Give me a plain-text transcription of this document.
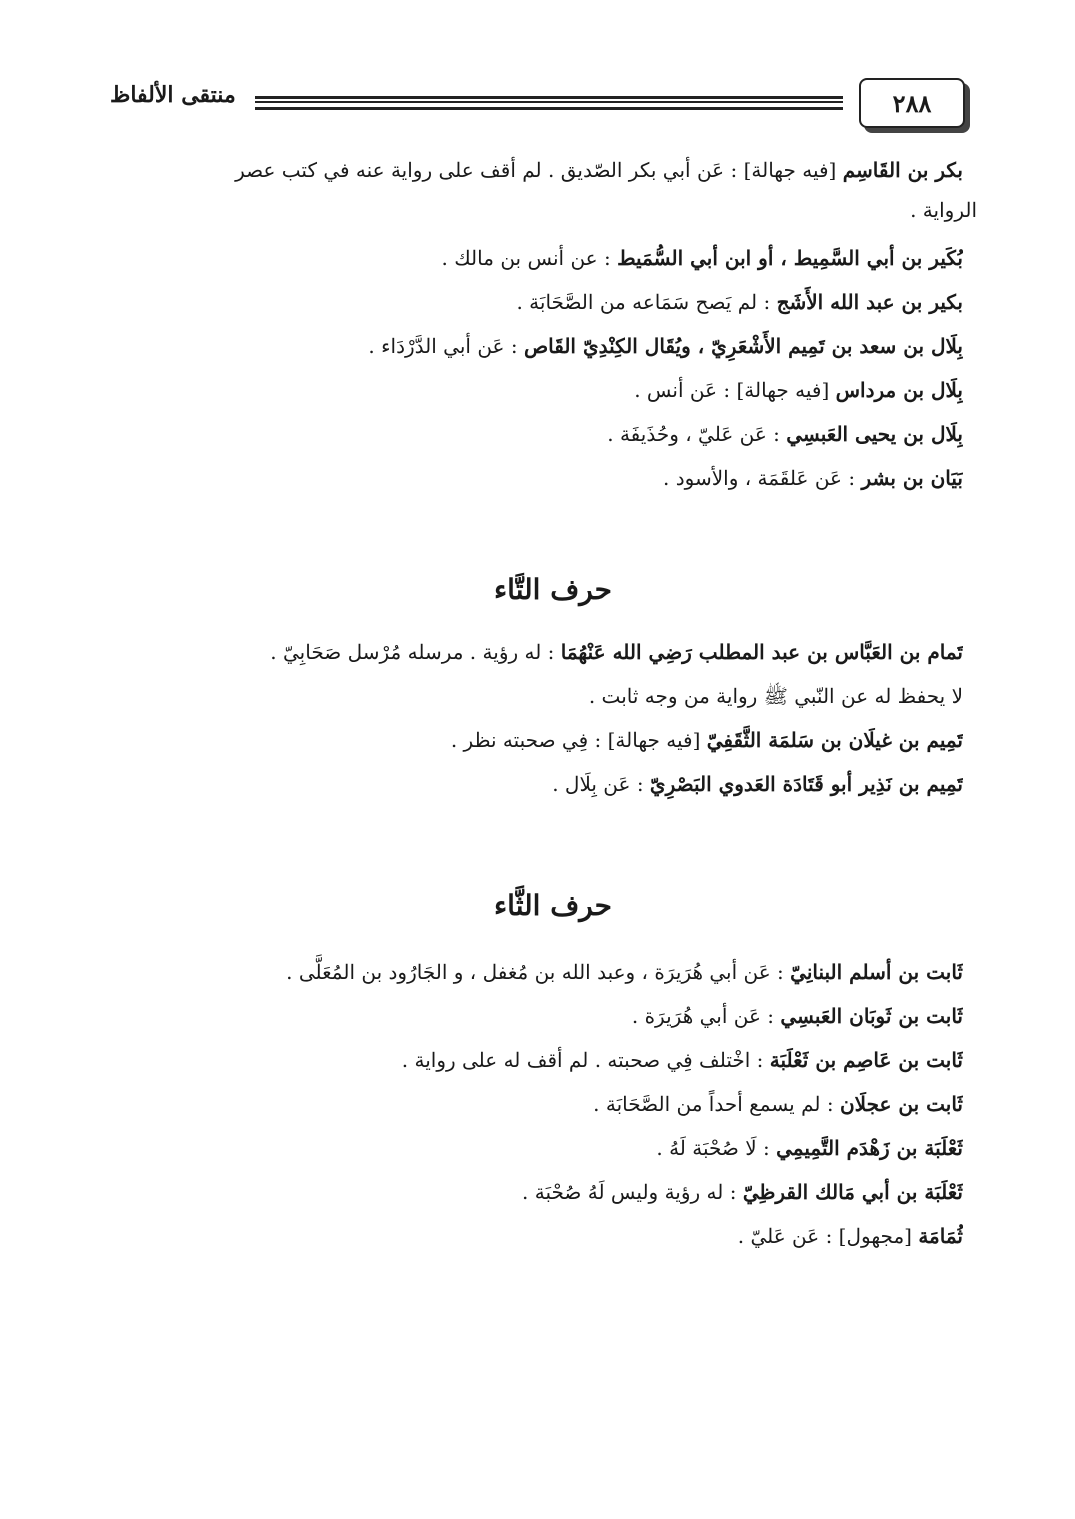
٢٨٨
منتقى الألفاظ
بكر بن القَاسِم [فيه جهالة] : عَن أبي بكر الصّديق . لم أقف على رواية عنه في كتب عصر
الرواية .
بُكَير بن أبي السَّمِيط ، أو ابن أبي السُّمَيط : عن أنس بن مالك .
بكير بن عبد الله الأَشَج : لم يَصح سَمَاعه من الصَّحَابَة .
بِلَال بن سعد بن تَمِيم الأَشْعَرِيّ ، ويُقَال الكِنْدِيّ القَاص : عَن أبي الدَّرْدَاء .
بِلَال بن مرداس [فيه جهالة] : عَن أنس .
بِلَال بن يحيى العَبسِي : عَن عَليّ ، وحُذَيفَة .
بَيَان بن بشر : عَن عَلقَمَة ، والأسود .
حرف التَّاء
تَمام بن العَبَّاس بن عبد المطلب رَضِي الله عَنْهُمَا : له رؤية . مرسله مُرْسل صَحَابِيّ .
لا يحفظ له عن النّبي ﷺ رواية من وجه ثابت .
تَمِيم بن غيلَان بن سَلمَة الثَّقَفِيّ [فيه جهالة] : فِي صحبته نظر .
تَمِيم بن نَذِير أبو قَتَادَة العَدوي البَصْرِيّ : عَن بِلَال .
حرف الثَّاء
ثَابت بن أسلم البنانِيّ : عَن أبي هُرَيرَة ، وعبد الله بن مُغفل ، و الجَارُود بن المُعَلَّى .
ثَابت بن ثَوبَان العَبسِي : عَن أبي هُرَيرَة .
ثَابت بن عَاصِم بن ثَعْلَبَة : اخْتلف فِي صحبته . لم أقف له على رواية .
ثَابت بن عجلَان : لم يسمع أحداً من الصَّحَابَة .
ثَعْلَبَة بن زَهْدَم التَّمِيمِي : لَا صُحْبَة لَهُ .
ثَعْلَبَة بن أبي مَالك القرظِيّ : له رؤية وليس لَهُ صُحْبَة .
ثُمَامَة [مجهول] : عَن عَليّ .
